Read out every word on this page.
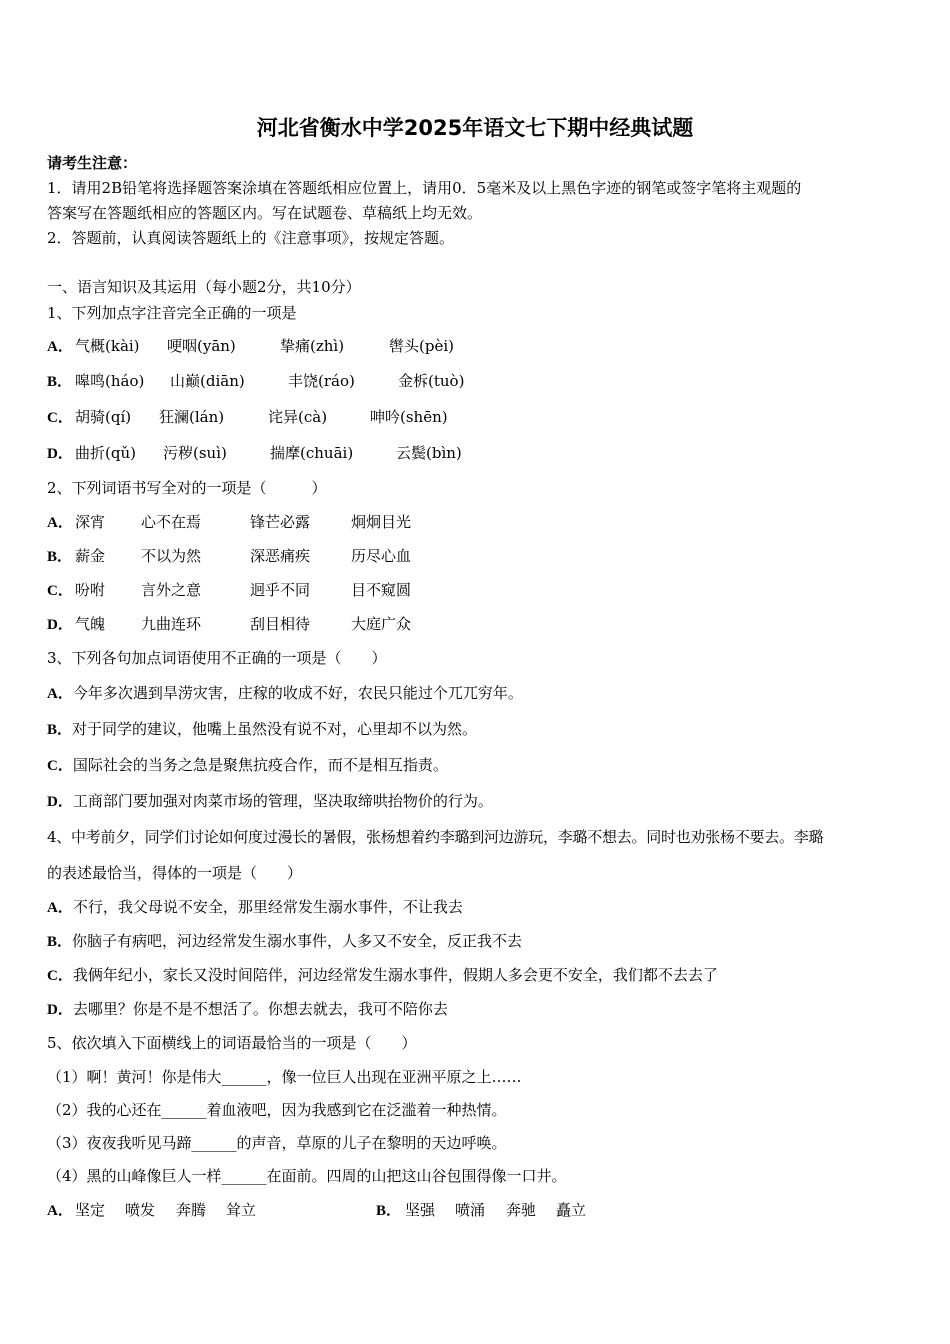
河北省衡水中学2025年语文七下期中经典试题
请考生注意：
1．请用2B铅笔将选择题答案涂填在答题纸相应位置上，请用0．5毫米及以上黑色字迹的钢笔或签字笔将主观题的
答案写在答题纸相应的答题区内。写在试题卷、草稿纸上均无效。
2．答题前，认真阅读答题纸上的《注意事项》，按规定答题。
一、语言知识及其运用（每小题2分，共10分）
1、下列加点字注音完全正确的一项是
A． 气概(kài) 哽咽(yān)	挚痛(zhì)	辔头(pèi)
B． 嗥鸣(háo) 山巅(diān)	丰饶(ráo)	金柝(tuò)
C． 胡骑(qí) 狂澜(lán)	诧异(cà)	呻吟(shēn)
D． 曲折(qǔ) 污秽(suì)	揣摩(chuāi)	云鬓(bìn)
2、下列词语书写全对的一项是（　　　）
A． 深宵 心不在焉	锋芒必露	炯炯目光
B． 薪金 不以为然	深恶痛疾	历尽心血
C． 吩咐 言外之意	迥乎不同	目不窥圆
D． 气魄 九曲连环	刮目相待	大庭广众
3、下列各句加点词语使用不正确的一项是（　　）
A．今年多次遇到旱涝灾害，庄稼的收成不好，农民只能过个兀兀穷年。
B．对于同学的建议，他嘴上虽然没有说不对，心里却不以为然。
C．国际社会的当务之急是聚焦抗疫合作，而不是相互指责。
D．工商部门要加强对肉菜市场的管理，坚决取缔哄抬物价的行为。
4、中考前夕，同学们讨论如何度过漫长的暑假，张杨想着约李璐到河边游玩，李璐不想去。同时也劝张杨不要去。李璐
的表述最恰当，得体的一项是（　　）
A．不行，我父母说不安全，那里经常发生溺水事件，不让我去
B．你脑子有病吧，河边经常发生溺水事件，人多又不安全，反正我不去
C．我俩年纪小，家长又没时间陪伴，河边经常发生溺水事件，假期人多会更不安全，我们都不去去了
D．去哪里？你是不是不想活了。你想去就去，我可不陪你去
5、依次填入下面横线上的词语最恰当的一项是（　　）
（1）啊！黄河！你是伟大______，像一位巨人出现在亚洲平原之上……
（2）我的心还在______着血液吧，因为我感到它在泛滥着一种热情。
（3）夜夜我听见马蹄______的声音，草原的儿子在黎明的天边呼唤。
（4）黑的山峰像巨人一样______在面前。四周的山把这山谷包围得像一口井。
A． 坚定 喷发 奔腾 耸立	B． 坚强 喷涌 奔驰 矗立
